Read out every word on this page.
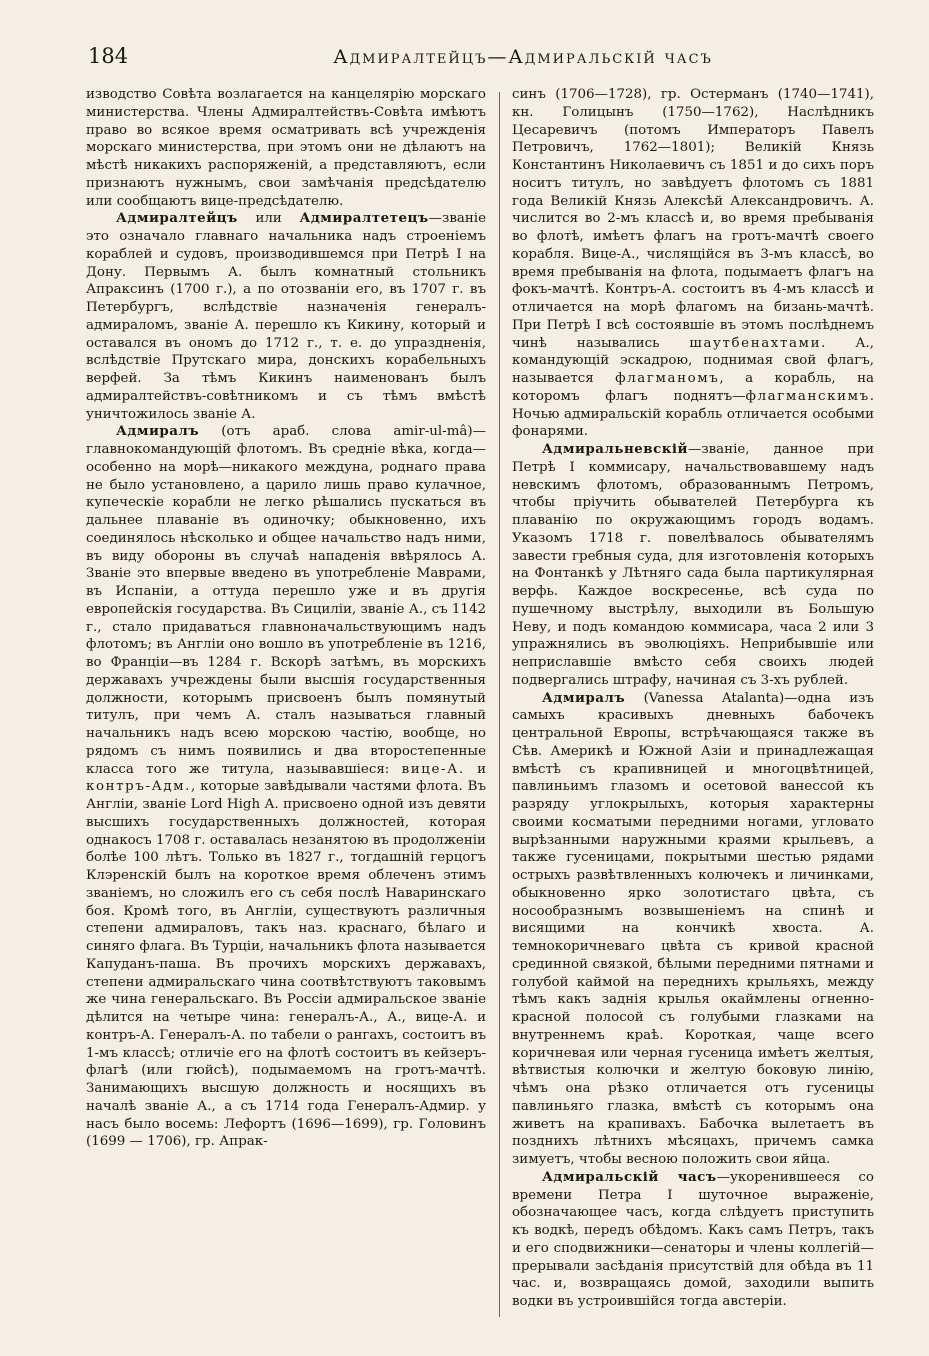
184	Адмиралтейцъ—Адмиральскій часъ

изводство Совѣта возлагается на канцелярію морскаго министерства. Члены Адмиралтействъ-Совѣта имѣютъ право во всякое время осматривать всѣ учрежденія морскаго министерства, при этомъ они не дѣлаютъ на мѣстѣ никакихъ распоряженій, а представляютъ, если признаютъ нужнымъ, свои замѣчанія предсѣдателю или сообщаютъ вице-предсѣдателю.

Адмиралтейцъ или Адмиралтетецъ—званіе это означало главнаго начальника надъ строеніемъ кораблей и судовъ, производившемся при Петрѣ I на Дону. Первымъ А. былъ комнатный стольникъ Апраксинъ (1700 г.), а по отозваніи его, въ 1707 г. въ Петербургъ, вслѣдствіе назначенія генералъ-адмираломъ, званіе А. перешло къ Кикину, который и оставался въ ономъ до 1712 г., т. е. до упраздненія, вслѣдствіе Прутскаго мира, донскихъ корабельныхъ верфей. За тѣмъ Кикинъ наименованъ былъ адмиралтействъ-совѣтникомъ и съ тѣмъ вмѣстѣ уничтожилось званіе А.

Адмиралъ (отъ араб. слова amir-ul-mâ)—главнокомандующій флотомъ. Въ средніе вѣка, когда—особенно на морѣ—никакого междуна, роднаго права не было установлено, а царило лишь право кулачное, купеческіе корабли не легко рѣшались пускаться въ дальнее плаваніе въ одиночку; обыкновенно, ихъ соединялось нѣсколько и общее начальство надъ ними, въ виду обороны въ случаѣ нападенія ввѣрялось А. Званіе это впервые введено въ употребленіе Маврами, въ Испаніи, а оттуда перешло уже и въ другія европейскія государства. Въ Сициліи, званіе А., съ 1142 г., стало придаваться главноначальствующимъ надъ флотомъ; въ Англіи оно вошло въ употребленіе въ 1216, во Франціи—въ 1284 г. Вскорѣ затѣмъ, въ морскихъ державахъ учреждены были высшія государственныя должности, которымъ присвоенъ былъ помянутый титулъ, при чемъ А. сталъ называться главный начальникъ надъ всею морскою частію, вообще, но рядомъ съ нимъ появились и два второстепенные класса того же титула, называвшіеся: вице-А. и контръ-Адм., которые завѣдывали частями флота. Въ Англіи, званіе Lord High А. присвоено одной изъ девяти высшихъ государственныхъ должностей, которая однакосъ 1708 г. оставалась незанятою въ продолженіи болѣе 100 лѣтъ. Только въ 1827 г., тогдашній герцогъ Клэренскій былъ на короткое время облеченъ этимъ званіемъ, но сложилъ его съ себя послѣ Наваринскаго боя. Кромѣ того, въ Англіи, существуютъ различныя степени адмираловъ, такъ наз. краснаго, бѣлаго и синяго флага. Въ Турціи, начальникъ флота называется Капуданъ-паша. Въ прочихъ морскихъ державахъ, степени адмиральскаго чина соотвѣтствуютъ таковымъ же чина генеральскаго. Въ Россіи адмиральское званіе дѣлится на четыре чина: генералъ-А., А., вице-А. и контръ-А. Генералъ-А. по табели о рангахъ, состоитъ въ 1-мъ классѣ; отличіе его на флотѣ состоитъ въ кейзеръ-флагѣ (или гюйсѣ), подымаемомъ на гротъ-мачтѣ. Занимающихъ высшую должность и носящихъ въ началѣ званіе А., а съ 1714 года Генералъ-Адмир. у насъ было восемь: Лефортъ (1696—1699), гр. Головинъ (1699 — 1706), гр. Апрак-

синъ (1706—1728), гр. Остерманъ (1740—1741), кн. Голицынъ (1750—1762), Наслѣдникъ Цесаревичъ (потомъ Императоръ Павелъ Петровичъ, 1762—1801); Великій Князь Константинъ Николаевичъ съ 1851 и до сихъ поръ носитъ титулъ, но завѣдуетъ флотомъ съ 1881 года Великій Князь Алексѣй Александровичъ. А. числится во 2-мъ классѣ и, во время пребыванія во флотѣ, имѣетъ флагъ на гротъ-мачтѣ своего корабля. Вице-А., числящійся въ 3-мъ классѣ, во время пребыванія на флота, подымаетъ флагъ на фокъ-мачтѣ. Контръ-А. состоитъ въ 4-мъ классѣ и отличается на морѣ флагомъ на бизань-мачтѣ. При Петрѣ I всѣ состоявшіе въ этомъ послѣднемъ чинѣ назывались шаутбенахтами. А., командующій эскадрою, поднимая свой флагъ, называется флагманомъ, а корабль, на которомъ флагъ поднятъ—флагманскимъ. Ночью адмиральскій корабль отличается особыми фонарями.

Адмиральневскій—званіе, данное при Петрѣ I коммисару, начальствовавшему надъ невскимъ флотомъ, образованнымъ Петромъ, чтобы пріучить обывателей Петербурга къ плаванію по окружающимъ городъ водамъ. Указомъ 1718 г. повелѣвалось обывателямъ завести гребныя суда, для изготовленія которыхъ на Фонтанкѣ у Лѣтняго сада была партикулярная верфь. Каждое воскресенье, всѣ суда по пушечному выстрѣлу, выходили въ Большую Неву, и подъ командою коммисара, часа 2 или 3 упражнялись въ эволюціяхъ. Неприбывшіе или неприславшіе вмѣсто себя своихъ людей подвергались штрафу, начиная съ 3-хъ рублей.

Адмиралъ (Vanessa Atalanta)—одна изъ самыхъ красивыхъ дневныхъ бабочекъ центральной Европы, встрѣчающаяся также въ Сѣв. Америкѣ и Южной Азіи и принадлежащая вмѣстѣ съ крапивницей и многоцвѣтницей, павлиньимъ глазомъ и осетовой ванессой къ разряду углокрылыхъ, которыя характерны своими косматыми передними ногами, угловато вырѣзанными наружными краями крыльевъ, а также гусеницами, покрытыми шестью рядами острыхъ развѣтвленныхъ колючекъ и личинками, обыкновенно ярко золотистаго цвѣта, съ носообразнымъ возвышеніемъ на спинѣ и висящими на кончикѣ хвоста. А. темнокоричневаго цвѣта съ кривой красной срединной связкой, бѣлыми передними пятнами и голубой каймой на переднихъ крыльяхъ, между тѣмъ какъ заднія крылья окаймлены огненно-красной полосой съ голубыми глазками на внутреннемъ краѣ. Короткая, чаще всего коричневая или черная гусеница имѣетъ желтыя, вѣтвистыя колючки и желтую боковую линію, чѣмъ она рѣзко отличается отъ гусеницы павлиньяго глазка, вмѣстѣ съ которымъ она живетъ на крапивахъ. Бабочка вылетаетъ въ позднихъ лѣтнихъ мѣсяцахъ, причемъ самка зимуетъ, чтобы весною положить свои яйца.

Адмиральскій часъ—укоренившееся со времени Петра I шуточное выраженіе, обозначающее часъ, когда слѣдуетъ приступить къ водкѣ, передъ обѣдомъ. Какъ самъ Петръ, такъ и его сподвижники—сенаторы и члены коллегій—прерывали засѣданія присутствій для обѣда въ 11 час. и, возвращаясь домой, заходили выпить водки въ устроившійся тогда австеріи.
